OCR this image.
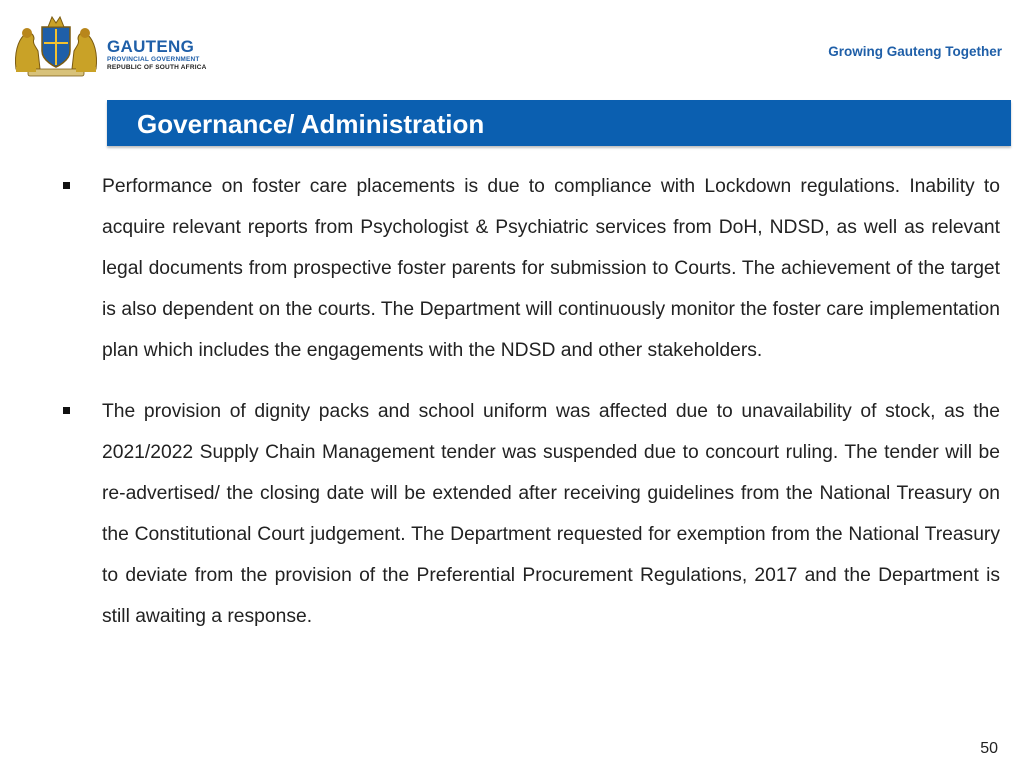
GAUTENG
PROVINCIAL GOVERNMENT
REPUBLIC OF SOUTH AFRICA
Growing Gauteng Together
Governance/ Administration
Performance on foster care placements is due to compliance with Lockdown regulations. Inability to acquire relevant reports from Psychologist & Psychiatric services from DoH, NDSD, as well as relevant legal documents from prospective foster parents for submission to Courts. The achievement of the target is also dependent on the courts. The Department will continuously monitor the foster care implementation plan which includes the engagements with the NDSD and other stakeholders.
The provision of dignity packs and school uniform was affected due to unavailability of stock, as the 2021/2022 Supply Chain Management tender was suspended due to concourt ruling. The tender will be re-advertised/ the closing date will be extended after receiving guidelines from the National Treasury on the Constitutional Court judgement. The Department requested for exemption from the National Treasury to deviate from the provision of the Preferential Procurement Regulations, 2017 and the Department is still awaiting a response.
50
